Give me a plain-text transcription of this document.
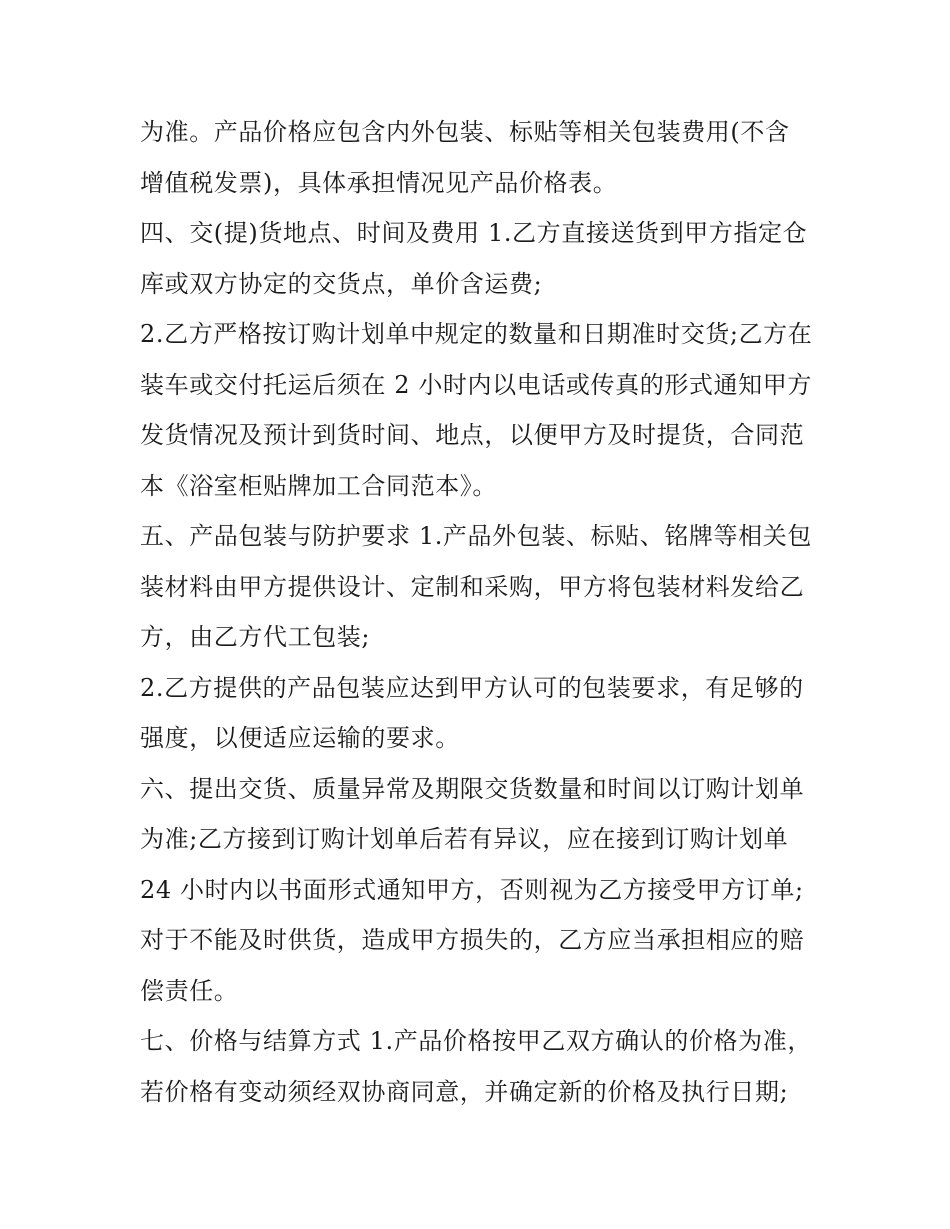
为准。产品价格应包含内外包装、标贴等相关包装费用(不含
增值税发票)，具体承担情况见产品价格表。
四、交(提)货地点、时间及费用 1.乙方直接送货到甲方指定仓
库或双方协定的交货点，单价含运费;
2.乙方严格按订购计划单中规定的数量和日期准时交货;乙方在
装车或交付托运后须在 2 小时内以电话或传真的形式通知甲方
发货情况及预计到货时间、地点，以便甲方及时提货，合同范
本《浴室柜贴牌加工合同范本》。
五、产品包装与防护要求 1.产品外包装、标贴、铭牌等相关包
装材料由甲方提供设计、定制和采购，甲方将包装材料发给乙
方，由乙方代工包装;
2.乙方提供的产品包装应达到甲方认可的包装要求，有足够的
强度，以便适应运输的要求。
六、提出交货、质量异常及期限交货数量和时间以订购计划单
为准;乙方接到订购计划单后若有异议，应在接到订购计划单
24 小时内以书面形式通知甲方，否则视为乙方接受甲方订单;
对于不能及时供货，造成甲方损失的，乙方应当承担相应的赔
偿责任。
七、价格与结算方式 1.产品价格按甲乙双方确认的价格为准，
若价格有变动须经双协商同意，并确定新的价格及执行日期;
